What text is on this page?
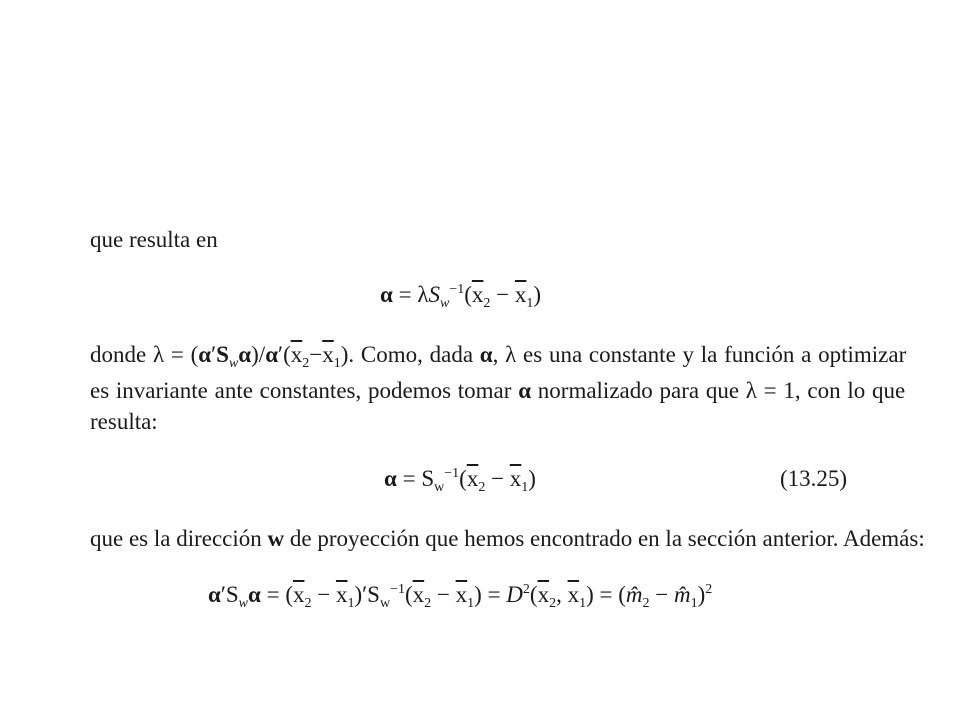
que resulta en
$\alpha = \lambda S_w^{-1}(\overline{x}_2 - \overline{x}_1)$
donde $\lambda = (\alpha'S_w\alpha)/\alpha'(\overline{x}_2-\overline{x}_1)$. Como, dada α, λ es una constante y la función a optimizar
es invariante ante constantes, podemos tomar α normalizado para que λ = 1, con lo que
resulta:
$\alpha = S_w^{-1}(\overline{x}_2 - \overline{x}_1)$	(13.25)
que es la dirección w de proyección que hemos encontrado en la sección anterior. Además:
$\alpha'S_w\alpha = (\overline{x}_2 - \overline{x}_1)'S_w^{-1}(\overline{x}_2 - \overline{x}_1) = D^2(\overline{x}_2$, $\overline{x}_1$) = ($m̂_2$ − $m̂_1)^2$
